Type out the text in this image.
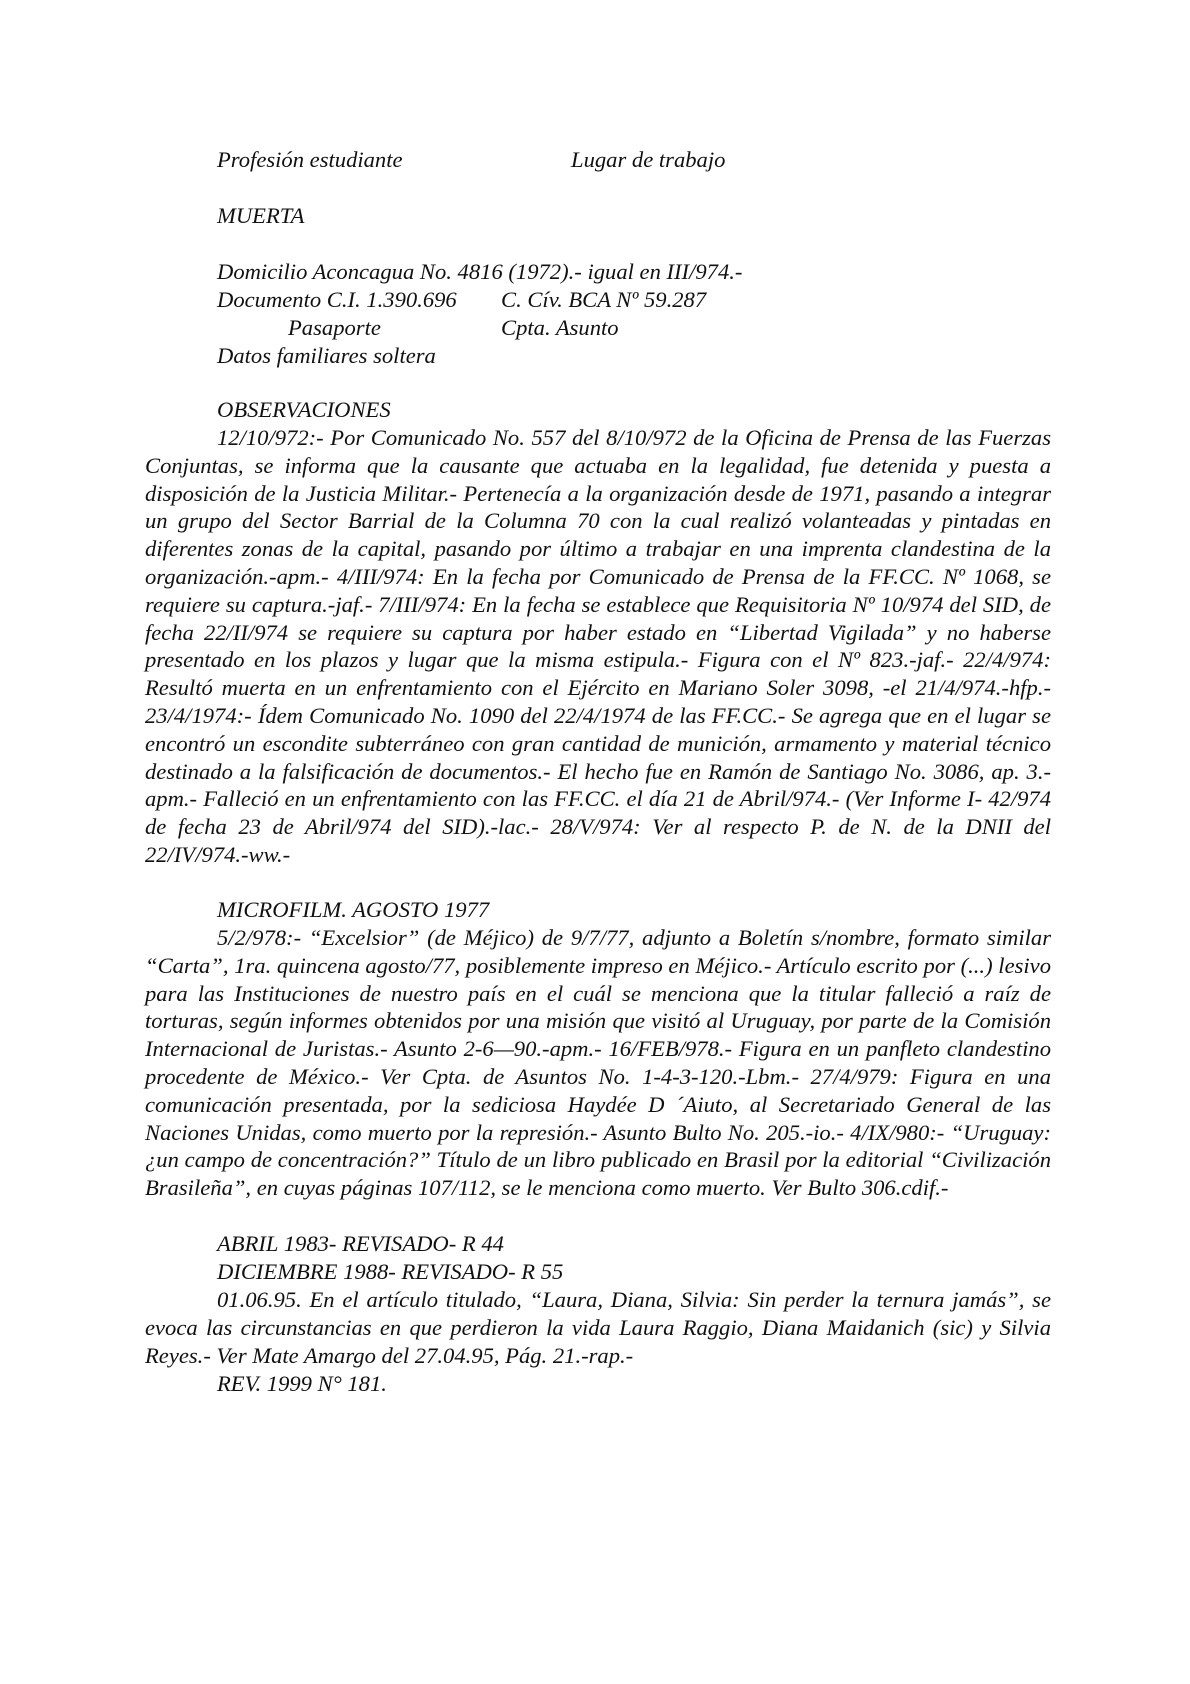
Profesión estudiante	Lugar de trabajo
MUERTA
Domicilio Aconcagua No. 4816 (1972).- igual en III/974.-
Documento C.I. 1.390.696 C. Cív. BCA Nº 59.287
Pasaporte	Cpta. Asunto
Datos familiares soltera
OBSERVACIONES

12/10/972:- Por Comunicado No. 557 del 8/10/972 de la Oficina de Prensa de las Fuerzas Conjuntas, se informa que la causante que actuaba en la legalidad, fue detenida y puesta a disposición de la Justicia Militar.- Pertenecía a la organización desde de 1971, pasando a integrar un grupo del Sector Barrial de la Columna 70 con la cual realizó volanteadas y pintadas en diferentes zonas de la capital, pasando por último a trabajar en una imprenta clandestina de la organización.-apm.- 4/III/974: En la fecha por Comunicado de Prensa de la FF.CC. Nº 1068, se requiere su captura.-jaf.- 7/III/974: En la fecha se establece que Requisitoria Nº 10/974 del SID, de fecha 22/II/974 se requiere su captura por haber estado en “Libertad Vigilada” y no haberse presentado en los plazos y lugar que la misma estipula.- Figura con el Nº 823.-jaf.- 22/4/974: Resultó muerta en un enfrentamiento con el Ejército en Mariano Soler 3098, -el 21/4/974.-hfp.- 23/4/1974:- Ídem Comunicado No. 1090 del 22/4/1974 de las FF.CC.- Se agrega que en el lugar se encontró un escondite subterráneo con gran cantidad de munición, armamento y material técnico destinado a la falsificación de documentos.- El hecho fue en Ramón de Santiago No. 3086, ap. 3.- apm.- Falleció en un enfrentamiento con las FF.CC. el día 21 de Abril/974.- (Ver Informe I- 42/974 de fecha 23 de Abril/974 del SID).-lac.- 28/V/974: Ver al respecto P. de N. de la DNII del 22/IV/974.-ww.-

MICROFILM. AGOSTO 1977

5/2/978:- “Excelsior” (de Méjico) de 9/7/77, adjunto a Boletín s/nombre, formato similar “Carta”, 1ra. quincena agosto/77, posiblemente impreso en Méjico.- Artículo escrito por (...) lesivo para las Instituciones de nuestro país en el cuál se menciona que la titular falleció a raíz de torturas, según informes obtenidos por una misión que visitó al Uruguay, por parte de la Comisión Internacional de Juristas.- Asunto 2-6—90.-apm.- 16/FEB/978.- Figura en un panfleto clandestino procedente de México.- Ver Cpta. de Asuntos No. 1-4-3-120.-Lbm.- 27/4/979: Figura en una comunicación presentada, por la sediciosa Haydée D ´Aiuto, al Secretariado General de las Naciones Unidas, como muerto por la represión.- Asunto Bulto No. 205.-io.- 4/IX/980:- “Uruguay: ¿un campo de concentración?” Título de un libro publicado en Brasil por la editorial “Civilización Brasileña”, en cuyas páginas 107/112, se le menciona como muerto. Ver Bulto 306.cdif.-

ABRIL 1983- REVISADO- R 44
DICIEMBRE 1988- REVISADO- R 55

01.06.95. En el artículo titulado, “Laura, Diana, Silvia: Sin perder la ternura jamás”, se evoca las circunstancias en que perdieron la vida Laura Raggio, Diana Maidanich (sic) y Silvia Reyes.- Ver Mate Amargo del 27.04.95, Pág. 21.-rap.-

REV. 1999 N° 181.
